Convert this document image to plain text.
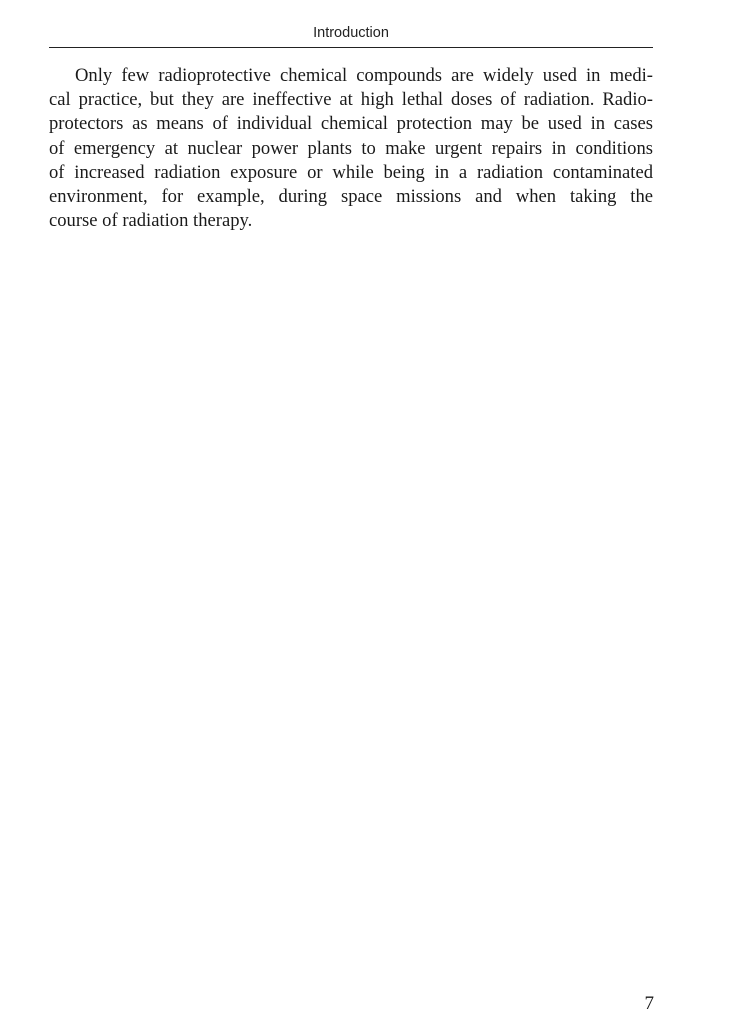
Introduction

Only few radioprotective chemical compounds are widely used in medi-
cal practice, but they are ineffective at high lethal doses of radiation. Radio-
protectors as means of individual chemical protection may be used in cases
of emergency at nuclear power plants to make urgent repairs in conditions
of increased radiation exposure or while being in a radiation contaminated
environment, for example, during space missions and when taking the
course of radiation therapy.

7
